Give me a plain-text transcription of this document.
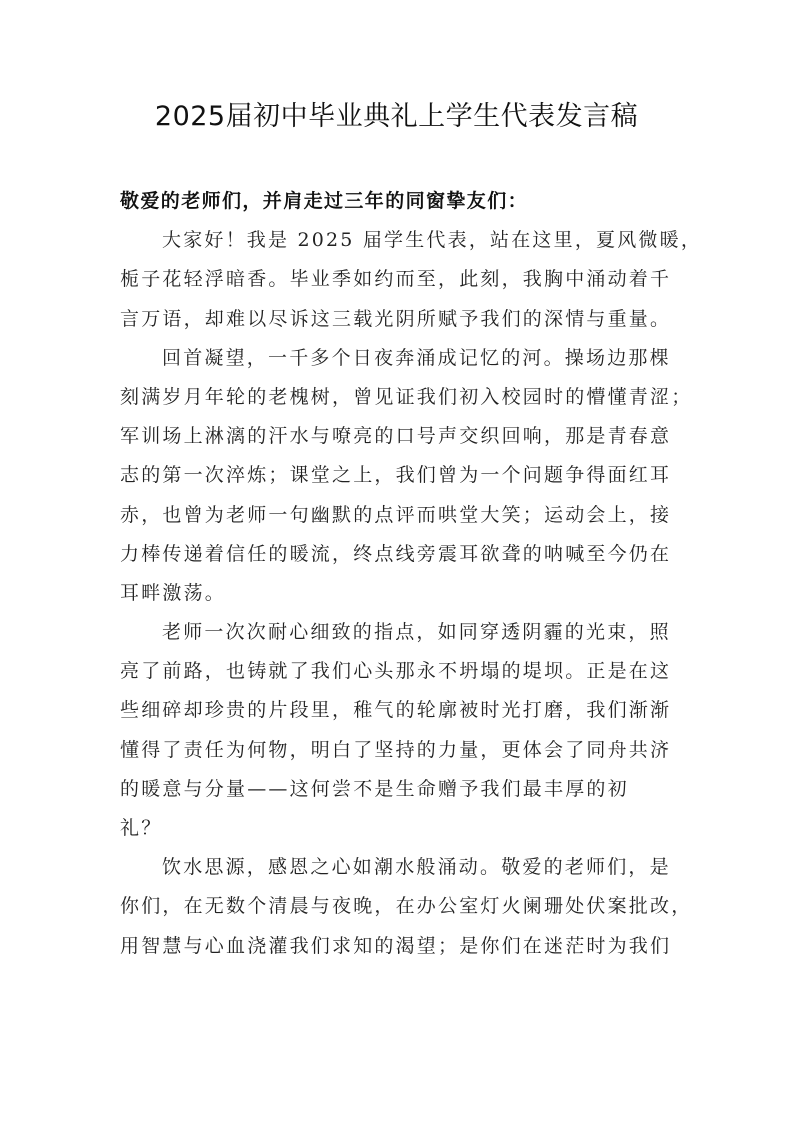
2025届初中毕业典礼上学生代表发言稿
敬爱的老师们，并肩走过三年的同窗挚友们：
大家好！我是 2025 届学生代表，站在这里，夏风微暖，
栀子花轻浮暗香。毕业季如约而至，此刻，我胸中涌动着千
言万语，却难以尽诉这三载光阴所赋予我们的深情与重量。
回首凝望，一千多个日夜奔涌成记忆的河。操场边那棵
刻满岁月年轮的老槐树，曾见证我们初入校园时的懵懂青涩；
军训场上淋漓的汗水与嘹亮的口号声交织回响，那是青春意
志的第一次淬炼；课堂之上，我们曾为一个问题争得面红耳
赤，也曾为老师一句幽默的点评而哄堂大笑；运动会上，接
力棒传递着信任的暖流，终点线旁震耳欲聋的呐喊至今仍在
耳畔激荡。
老师一次次耐心细致的指点，如同穿透阴霾的光束，照
亮了前路，也铸就了我们心头那永不坍塌的堤坝。正是在这
些细碎却珍贵的片段里，稚气的轮廓被时光打磨，我们渐渐
懂得了责任为何物，明白了坚持的力量，更体会了同舟共济
的暖意与分量——这何尝不是生命赠予我们最丰厚的初
礼？
饮水思源，感恩之心如潮水般涌动。敬爱的老师们，是
你们，在无数个清晨与夜晚，在办公室灯火阑珊处伏案批改，
用智慧与心血浇灌我们求知的渴望；是你们在迷茫时为我们
